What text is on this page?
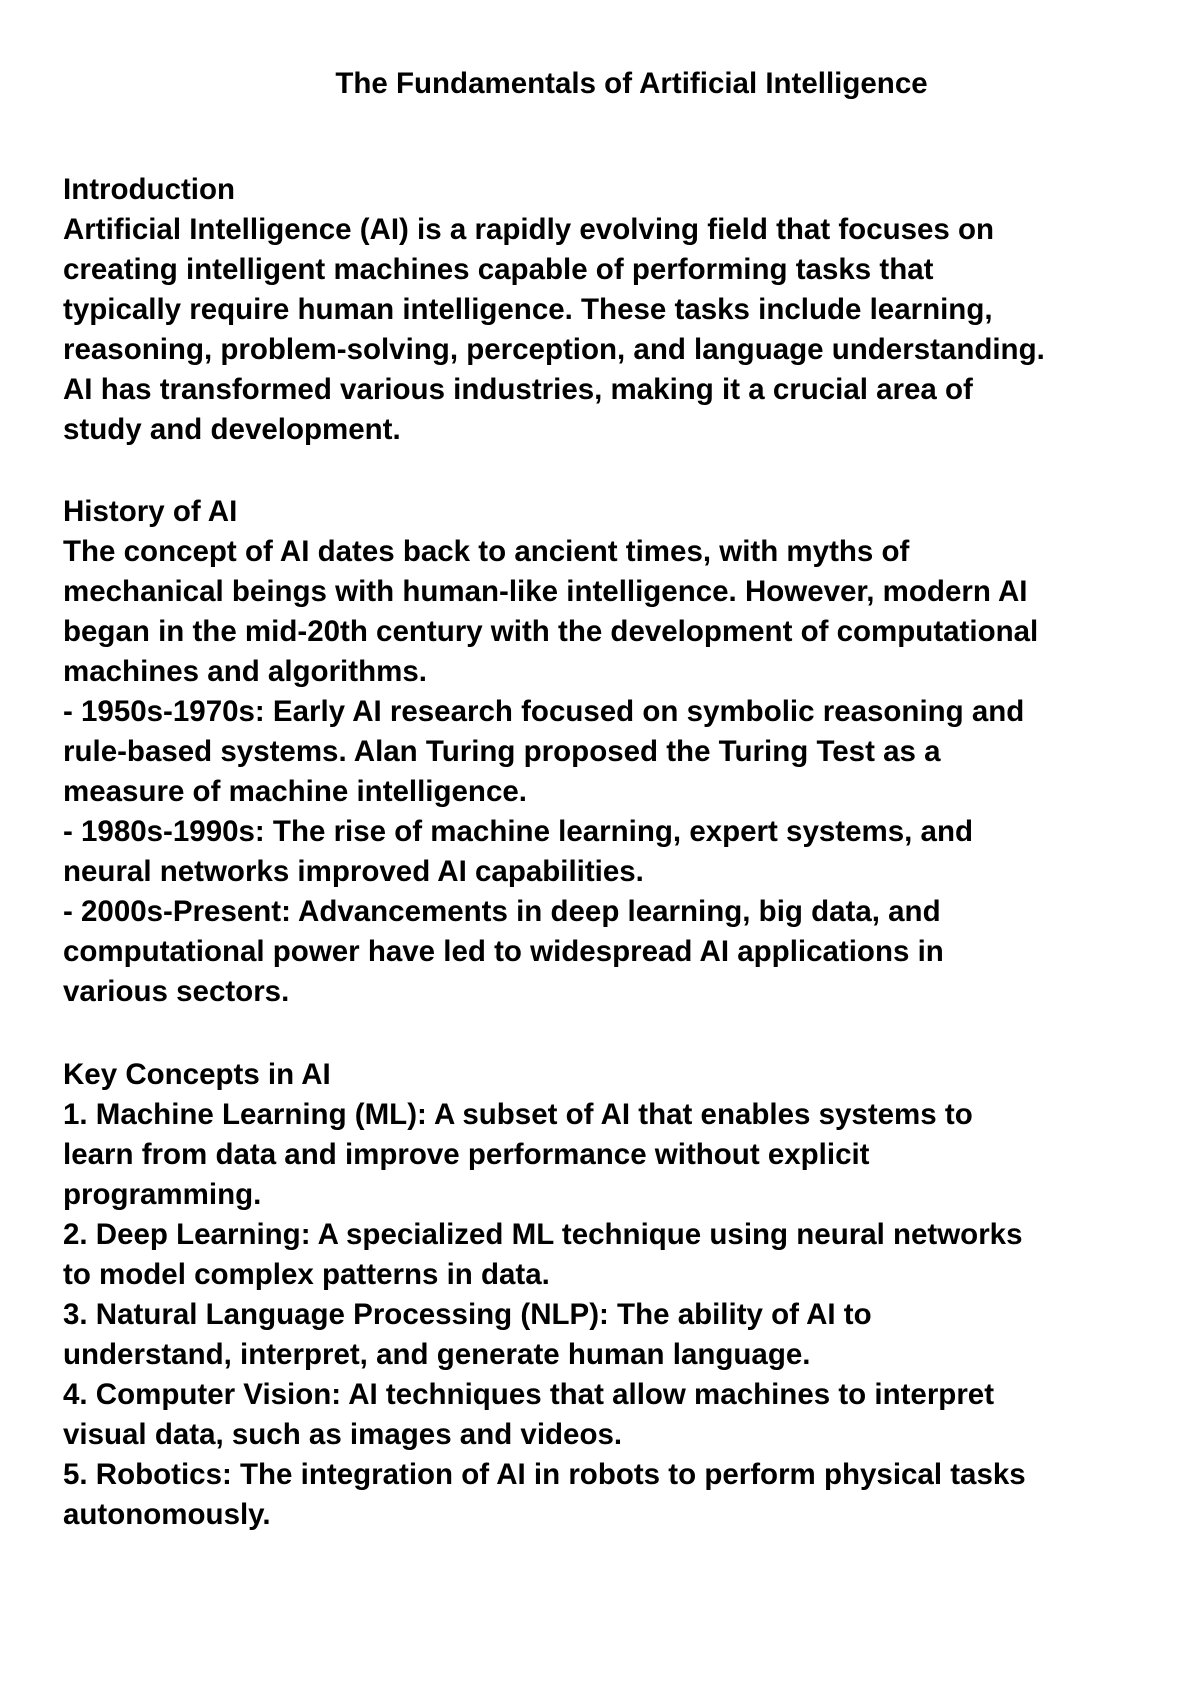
The Fundamentals of Artificial Intelligence
Introduction
Artificial Intelligence (AI) is a rapidly evolving field that focuses on
creating intelligent machines capable of performing tasks that
typically require human intelligence. These tasks include learning,
reasoning, problem-solving, perception, and language understanding.
AI has transformed various industries, making it a crucial area of
study and development.
History of AI
The concept of AI dates back to ancient times, with myths of
mechanical beings with human-like intelligence. However, modern AI
began in the mid-20th century with the development of computational
machines and algorithms.
- 1950s-1970s: Early AI research focused on symbolic reasoning and
rule-based systems. Alan Turing proposed the Turing Test as a
measure of machine intelligence.
- 1980s-1990s: The rise of machine learning, expert systems, and
neural networks improved AI capabilities.
- 2000s-Present: Advancements in deep learning, big data, and
computational power have led to widespread AI applications in
various sectors.
Key Concepts in AI
1. Machine Learning (ML): A subset of AI that enables systems to
learn from data and improve performance without explicit
programming.
2. Deep Learning: A specialized ML technique using neural networks
to model complex patterns in data.
3. Natural Language Processing (NLP): The ability of AI to
understand, interpret, and generate human language.
4. Computer Vision: AI techniques that allow machines to interpret
visual data, such as images and videos.
5. Robotics: The integration of AI in robots to perform physical tasks
autonomously.
